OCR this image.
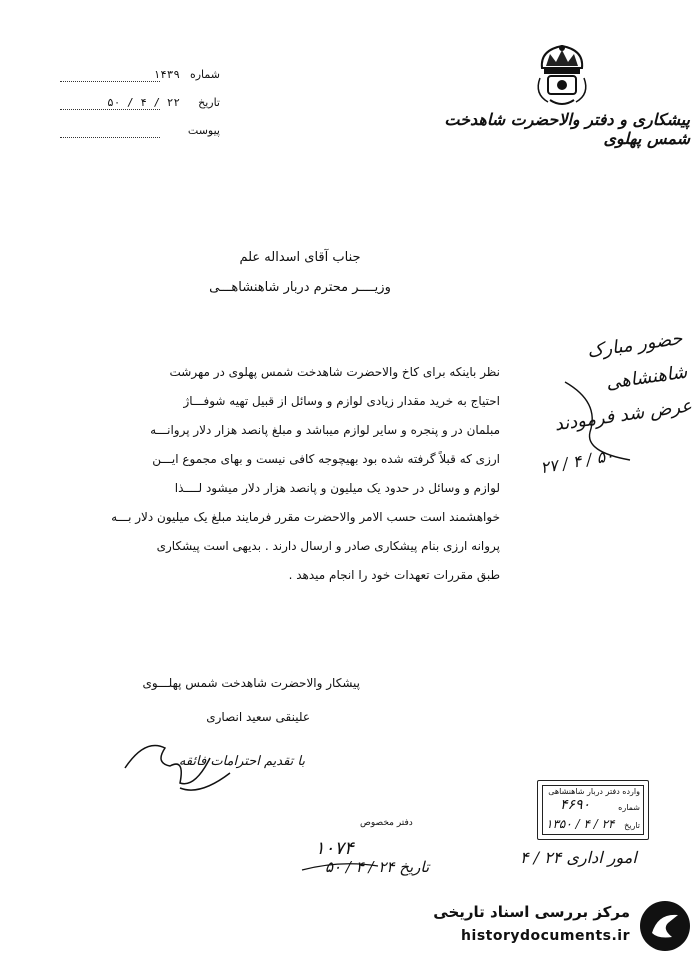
شماره
۱۴۳۹
تاریخ
۲۲ / ۴ / ۵۰
پیوست
پیشکاری و دفتر والاحضرت شاهدخت شمس پهلوی
جناب آقای اسداله علم
وزیــــر محترم دربار شاهنشاهـــی
حضور مبارک شاهنشاهی
عرض شد فرمودند
۲۷ / ۴ / ۵۰
نظر باینکه برای کاخ والاحضرت شاهدخت شمس پهلوی در مهرشت
احتیاج به خرید مقدار زیادی لوازم و وسائل از قبیل تهیه شوفـــاژ
مبلمان در و پنجره و سایر لوازم میباشد و مبلغ پانصد هزار دلار پروانـــه
ارزی که قبلاً گرفته شده بود بهیچوجه کافی نیست و بهای مجموع ایـــن
لوازم و وسائل در حدود یک میلیون و پانصد هزار دلار میشود لــــذا
خواهشمند است حسب الامر والاحضرت مقرر فرمایند مبلغ یک میلیون دلار بـــه
پروانه ارزی بنام پیشکاری صادر و ارسال دارند . بدیهی است پیشکاری
طبق مقررات تعهدات خود را انجام میدهد .
پیشکار والاحضرت شاهدخت شمس پهلـــوی
علینقی سعید انصاری
با تقدیم احترامات فائقه
وارده دفتر دربار شاهنشاهی
شماره
۴۶۹۰
تاریخ
۱۳۵۰ / ۴ / ۲۴
دفتر مخصوص
۱۰۷۴
تاریخ ۲۴ / ۴ / ۵۰	امور اداری ۲۴ / ۴
مرکز بررسی اسناد تاریخی
historydocuments.ir
